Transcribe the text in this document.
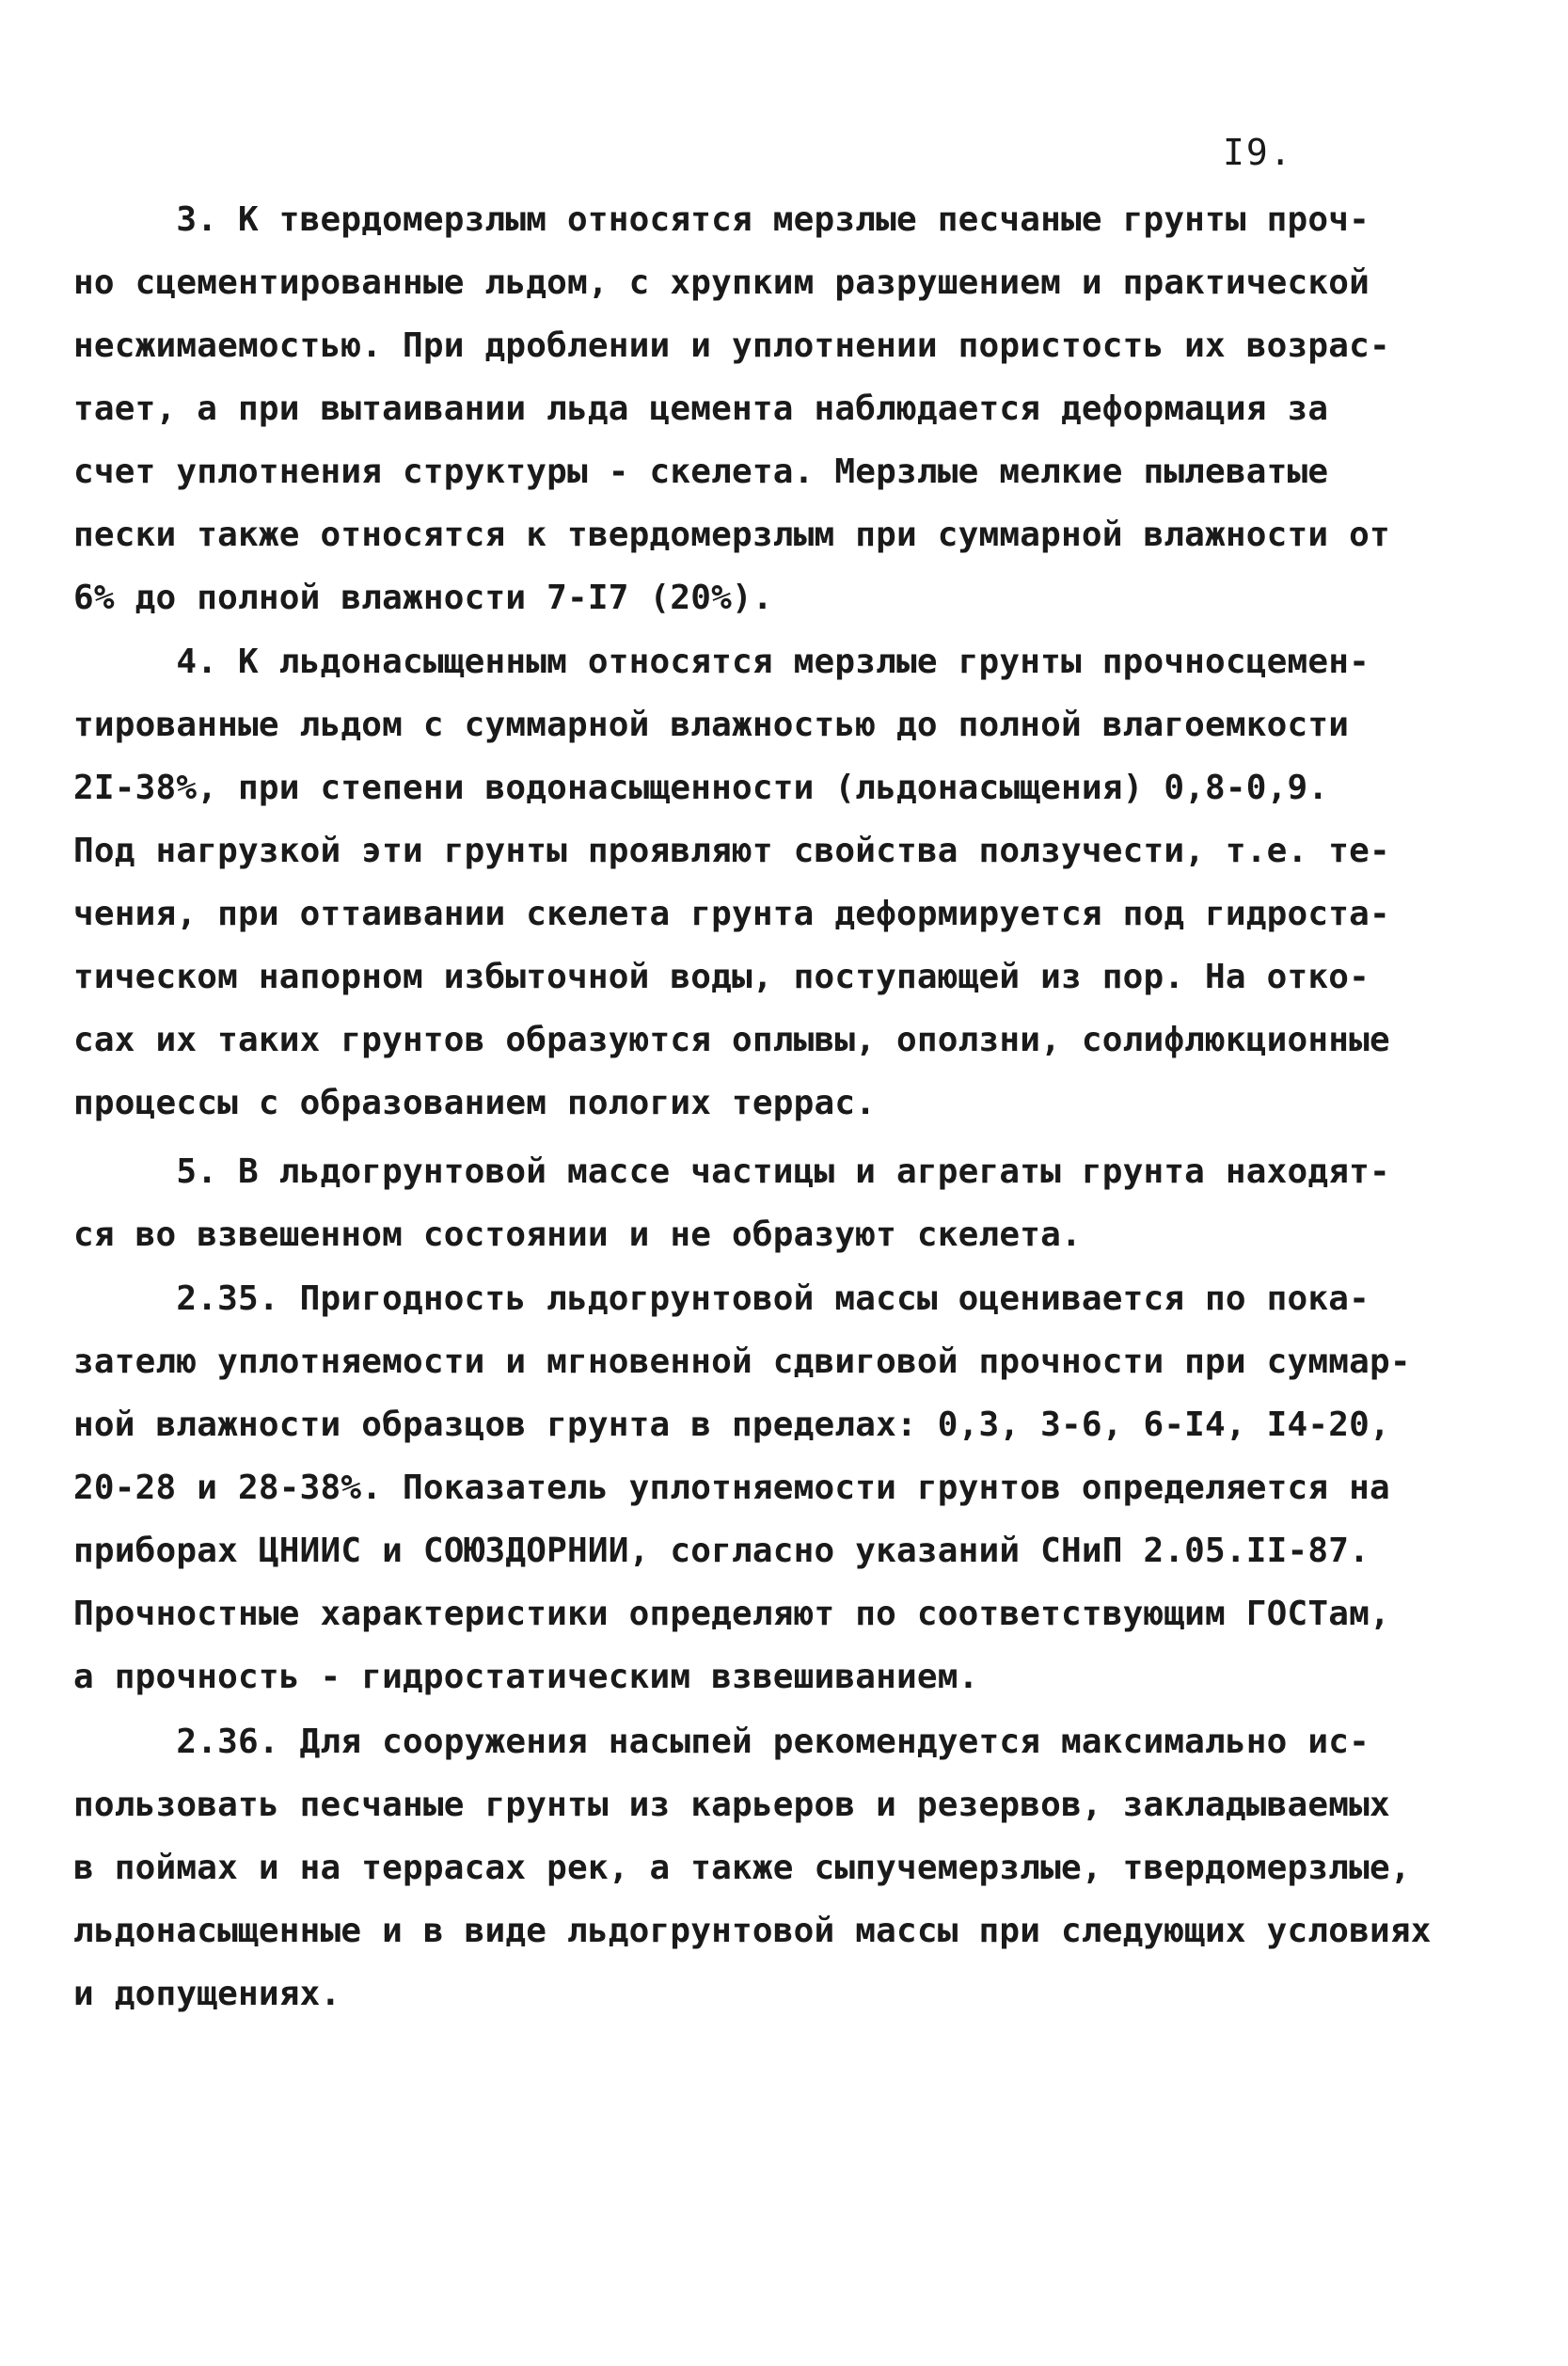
I9.
3. К твердомерзлым относятся мерзлые песчаные грунты проч-
но сцементированные льдом, с хрупким разрушением и практической
несжимаемостью. При дроблении и уплотнении пористость их возрас-
тает, а при вытаивании льда цемента наблюдается деформация за
счет уплотнения структуры - скелета. Мерзлые мелкие пылеватые
пески также относятся к твердомерзлым при суммарной влажности от
6% до полной влажности 7-I7 (20%).
4. К льдонасыщенным относятся мерзлые грунты прочносцемен-
тированные льдом с суммарной влажностью до полной влагоемкости
2I-38%, при степени водонасыщенности (льдонасыщения) 0,8-0,9.
Под нагрузкой эти грунты проявляют свойства ползучести, т.е. те-
чения, при оттаивании скелета грунта деформируется под гидроста-
тическом напорном избыточной воды, поступающей из пор. На отко-
сах их таких грунтов образуются оплывы, оползни, солифлюкционные
процессы с образованием пологих террас.
5. В льдогрунтовой массе частицы и агрегаты грунта находят-
ся во взвешенном состоянии и не образуют скелета.
2.35. Пригодность льдогрунтовой массы оценивается по пока-
зателю уплотняемости и мгновенной сдвиговой прочности при суммар-
ной влажности образцов грунта в пределах: 0,3, 3-6, 6-I4, I4-20,
20-28 и 28-38%. Показатель уплотняемости грунтов определяется на
приборах ЦНИИС и СОЮЗДОРНИИ, согласно указаний СНиП 2.05.II-87.
Прочностные характеристики определяют по соответствующим ГОСТам,
а прочность - гидростатическим взвешиванием.
2.36. Для сооружения насыпей рекомендуется максимально ис-
пользовать песчаные грунты из карьеров и резервов, закладываемых
в поймах и на террасах рек, а также сыпучемерзлые, твердомерзлые,
льдонасыщенные и в виде льдогрунтовой массы при следующих условиях
и допущениях.
